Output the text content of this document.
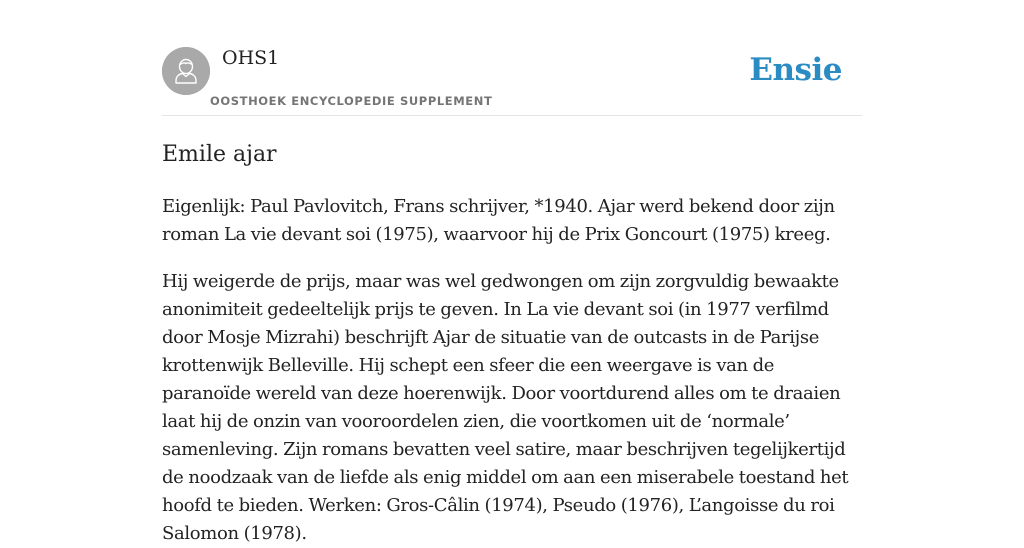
OHS1
OOSTHOEK ENCYCLOPEDIE SUPPLEMENT
Ensie
Emile ajar

Eigenlijk: Paul Pavlovitch, Frans schrijver, *1940. Ajar werd bekend door zijn roman La vie devant soi (1975), waarvoor hij de Prix Goncourt (1975) kreeg.

Hij weigerde de prijs, maar was wel gedwongen om zijn zorgvuldig bewaakte anonimiteit gedeeltelijk prijs te geven. In La vie devant soi (in 1977 verfilmd door Mosje Mizrahi) beschrijft Ajar de situatie van de outcasts in de Parijse krottenwijk Belleville. Hij schept een sfeer die een weergave is van de paranoïde wereld van deze hoerenwijk. Door voortdurend alles om te draaien laat hij de onzin van vooroordelen zien, die voortkomen uit de ‘normale’ samenleving. Zijn romans bevatten veel satire, maar beschrijven tegelijkertijd de noodzaak van de liefde als enig middel om aan een miserabele toestand het hoofd te bieden. Werken: Gros-Câlin (1974), Pseudo (1976), L’angoisse du roi Salomon (1978).
